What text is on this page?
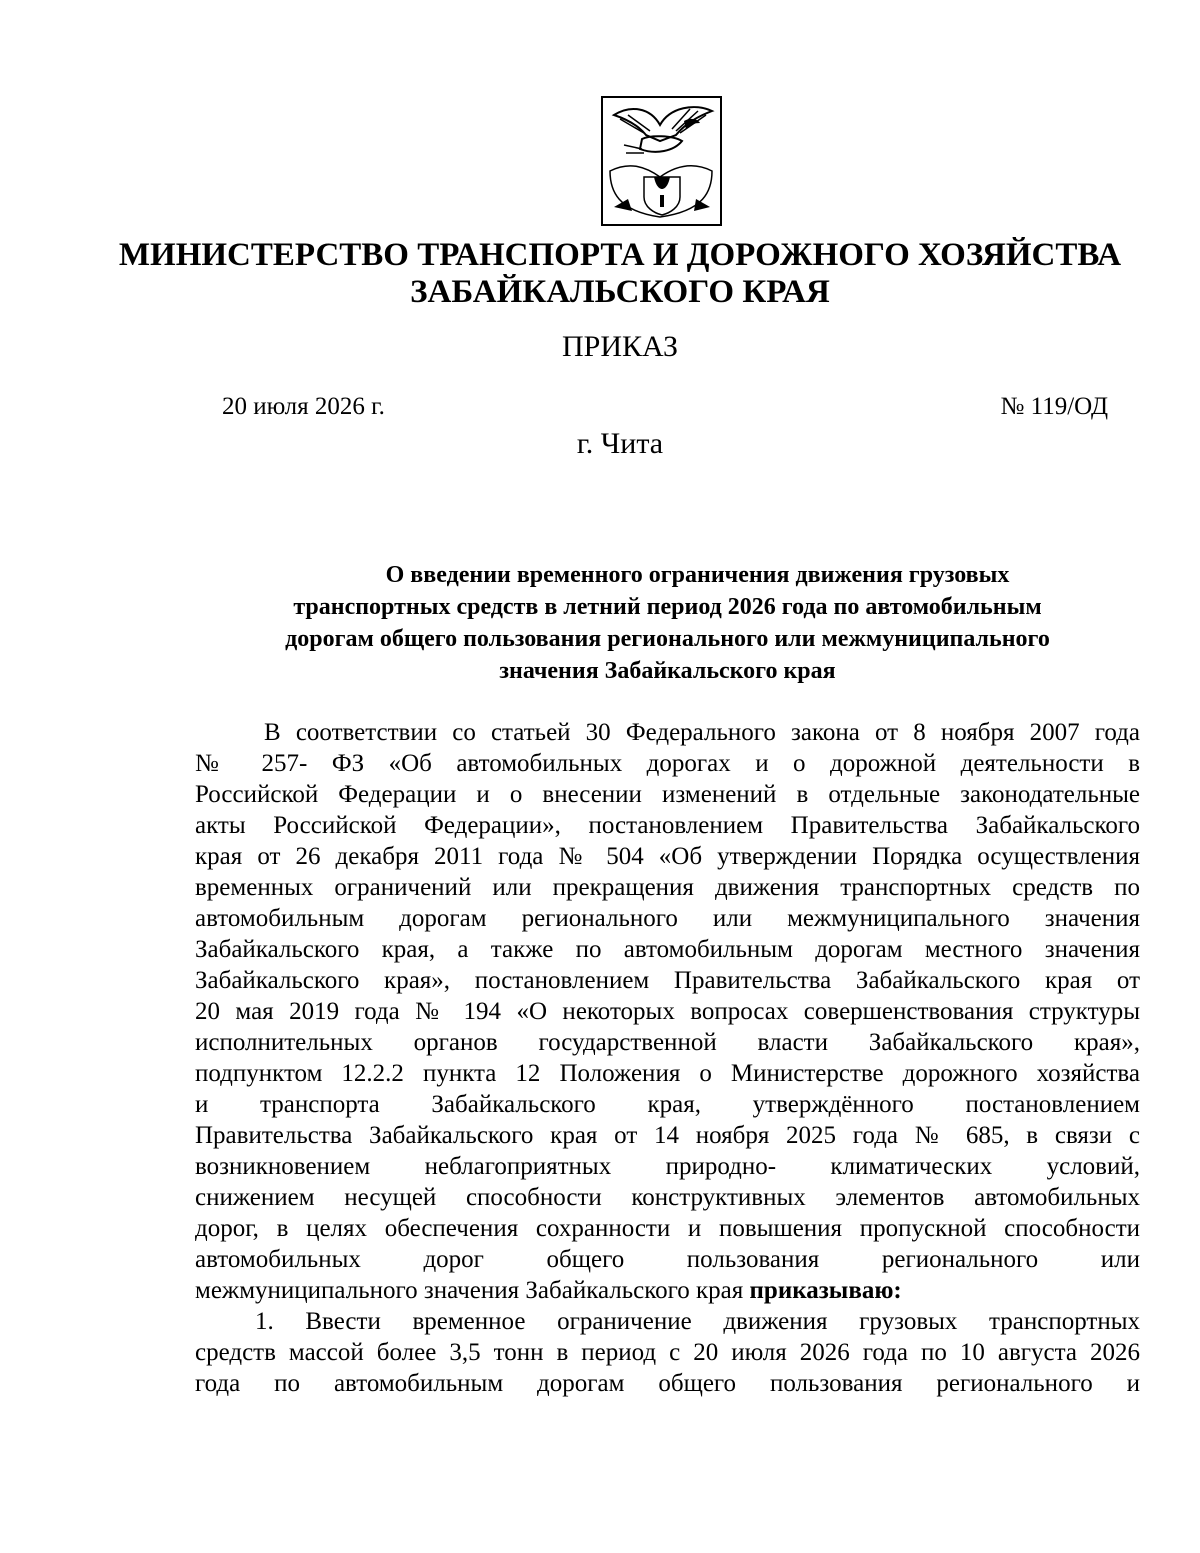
МИНИСТЕРСТВО ТРАНСПОРТА И ДОРОЖНОГО ХОЗЯЙСТВА
ЗАБАЙКАЛЬСКОГО КРАЯ
ПРИКАЗ
20 июля 2026 г.	№ 119/ОД
г. Чита
О введении временного ограничения движения грузовых
транспортных средств в летний период 2026 года по автомобильным
дорогам общего пользования регионального или межмуниципального
значения Забайкальского края
В соответствии со статьей 30 Федерального закона от 8 ноября 2007 года
№ 257‑ ФЗ «Об автомобильных дорогах и о дорожной деятельности в
Российской Федерации и о внесении изменений в отдельные законодательные
акты Российской Федерации», постановлением Правительства Забайкальского
края от 26 декабря 2011 года № 504 «Об утверждении Порядка осуществления
временных ограничений или прекращения движения транспортных средств по
автомобильным дорогам регионального или межмуниципального значения
Забайкальского края, а также по автомобильным дорогам местного значения
Забайкальского края», постановлением Правительства Забайкальского края от
20 мая 2019 года № 194 «О некоторых вопросах совершенствования структуры
исполнительных органов государственной власти Забайкальского края»,
подпунктом 12.2.2 пункта 12 Положения о Министерстве дорожного хозяйства
и транспорта Забайкальского края, утверждённого постановлением
Правительства Забайкальского края от 14 ноября 2025 года № 685, в связи с
возникновением неблагоприятных природно‑ климатических условий,
снижением несущей способности конструктивных элементов автомобильных
дорог, в целях обеспечения сохранности и повышения пропускной способности
автомобильных дорог общего пользования регионального или
межмуниципального значения Забайкальского края приказываю:
1. Ввести временное ограничение движения грузовых транспортных
средств массой более 3,5 тонн в период с 20 июля 2026 года по 10 августа 2026
года по автомобильным дорогам общего пользования регионального и
